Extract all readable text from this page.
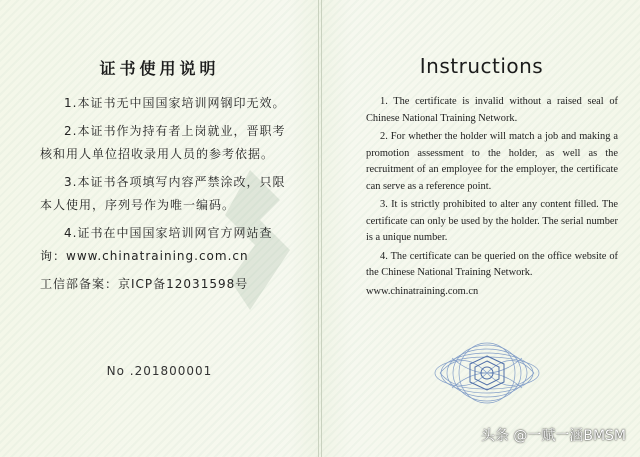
证书使用说明

1.本证书无中国国家培训网钢印无效。

2.本证书作为持有者上岗就业，晋职考核和用人单位招收录用人员的参考依据。

3.本证书各项填写内容严禁涂改，只限本人使用，序列号作为唯一编码。

4.证书在中国国家培训网官方网站查询：www.chinatraining.com.cn

工信部备案：京ICP备12031598号

No .201800001
Instructions

1. The certificate is invalid without a raised seal of Chinese National Training Network.

2. For whether the holder will match a job and making a promotion assessment to the holder, as well as the recruitment of an employee for the employer, the certificate can serve as a reference point.

3. It is strictly prohibited to alter any content filled. The certificate can only be used by the holder. The serial number is a unique number.

4. The certificate can be queried on the office website of the Chinese National Training Network.

www.chinatraining.com.cn

头条 @一赋一涵BMSM
